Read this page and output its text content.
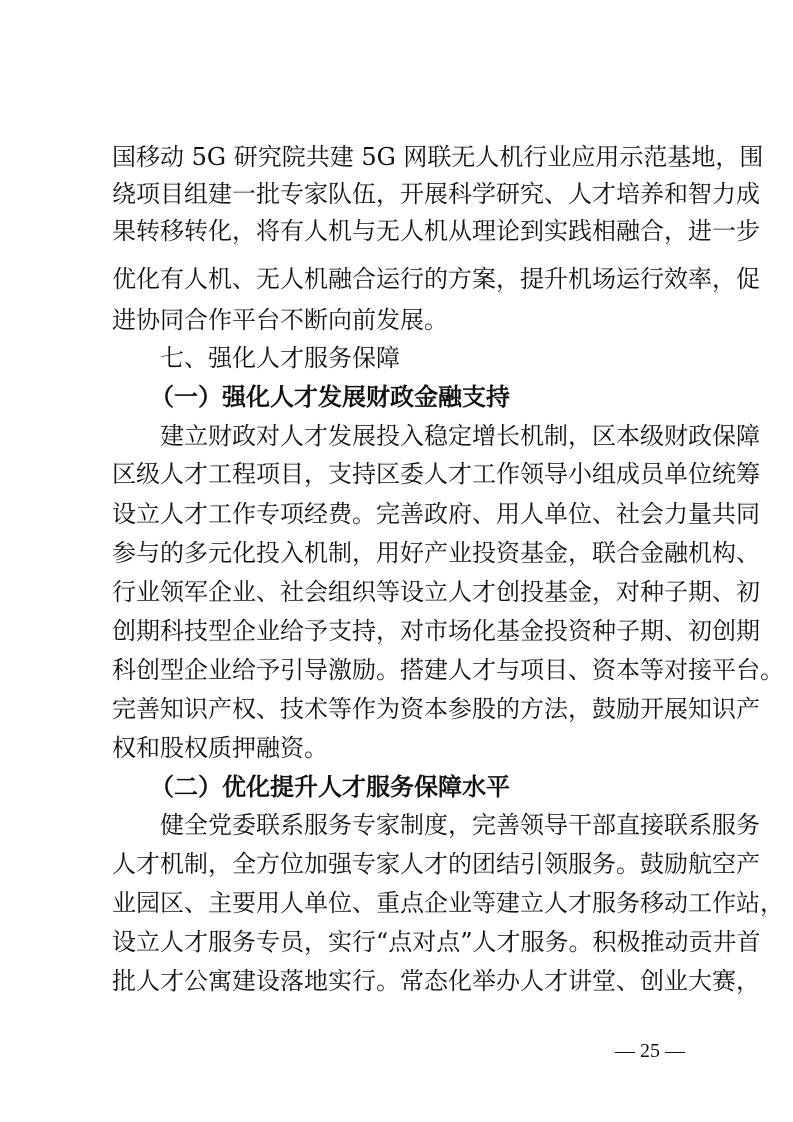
国移动 5G 研究院共建 5G 网联无人机行业应用示范基地，围
绕项目组建一批专家队伍，开展科学研究、人才培养和智力成
果转移转化，将有人机与无人机从理论到实践相融合，进一步
优化有人机、无人机融合运行的方案，提升机场运行效率，促
进协同合作平台不断向前发展。
七、强化人才服务保障
（一）强化人才发展财政金融支持
建立财政对人才发展投入稳定增长机制，区本级财政保障
区级人才工程项目，支持区委人才工作领导小组成员单位统筹
设立人才工作专项经费。完善政府、用人单位、社会力量共同
参与的多元化投入机制，用好产业投资基金，联合金融机构、
行业领军企业、社会组织等设立人才创投基金，对种子期、初
创期科技型企业给予支持，对市场化基金投资种子期、初创期
科创型企业给予引导激励。搭建人才与项目、资本等对接平台。
完善知识产权、技术等作为资本参股的方法，鼓励开展知识产
权和股权质押融资。
（二）优化提升人才服务保障水平
健全党委联系服务专家制度，完善领导干部直接联系服务
人才机制，全方位加强专家人才的团结引领服务。鼓励航空产
业园区、主要用人单位、重点企业等建立人才服务移动工作站，
设立人才服务专员，实行“点对点”人才服务。积极推动贡井首
批人才公寓建设落地实行。常态化举办人才讲堂、创业大赛，
— 25 —
